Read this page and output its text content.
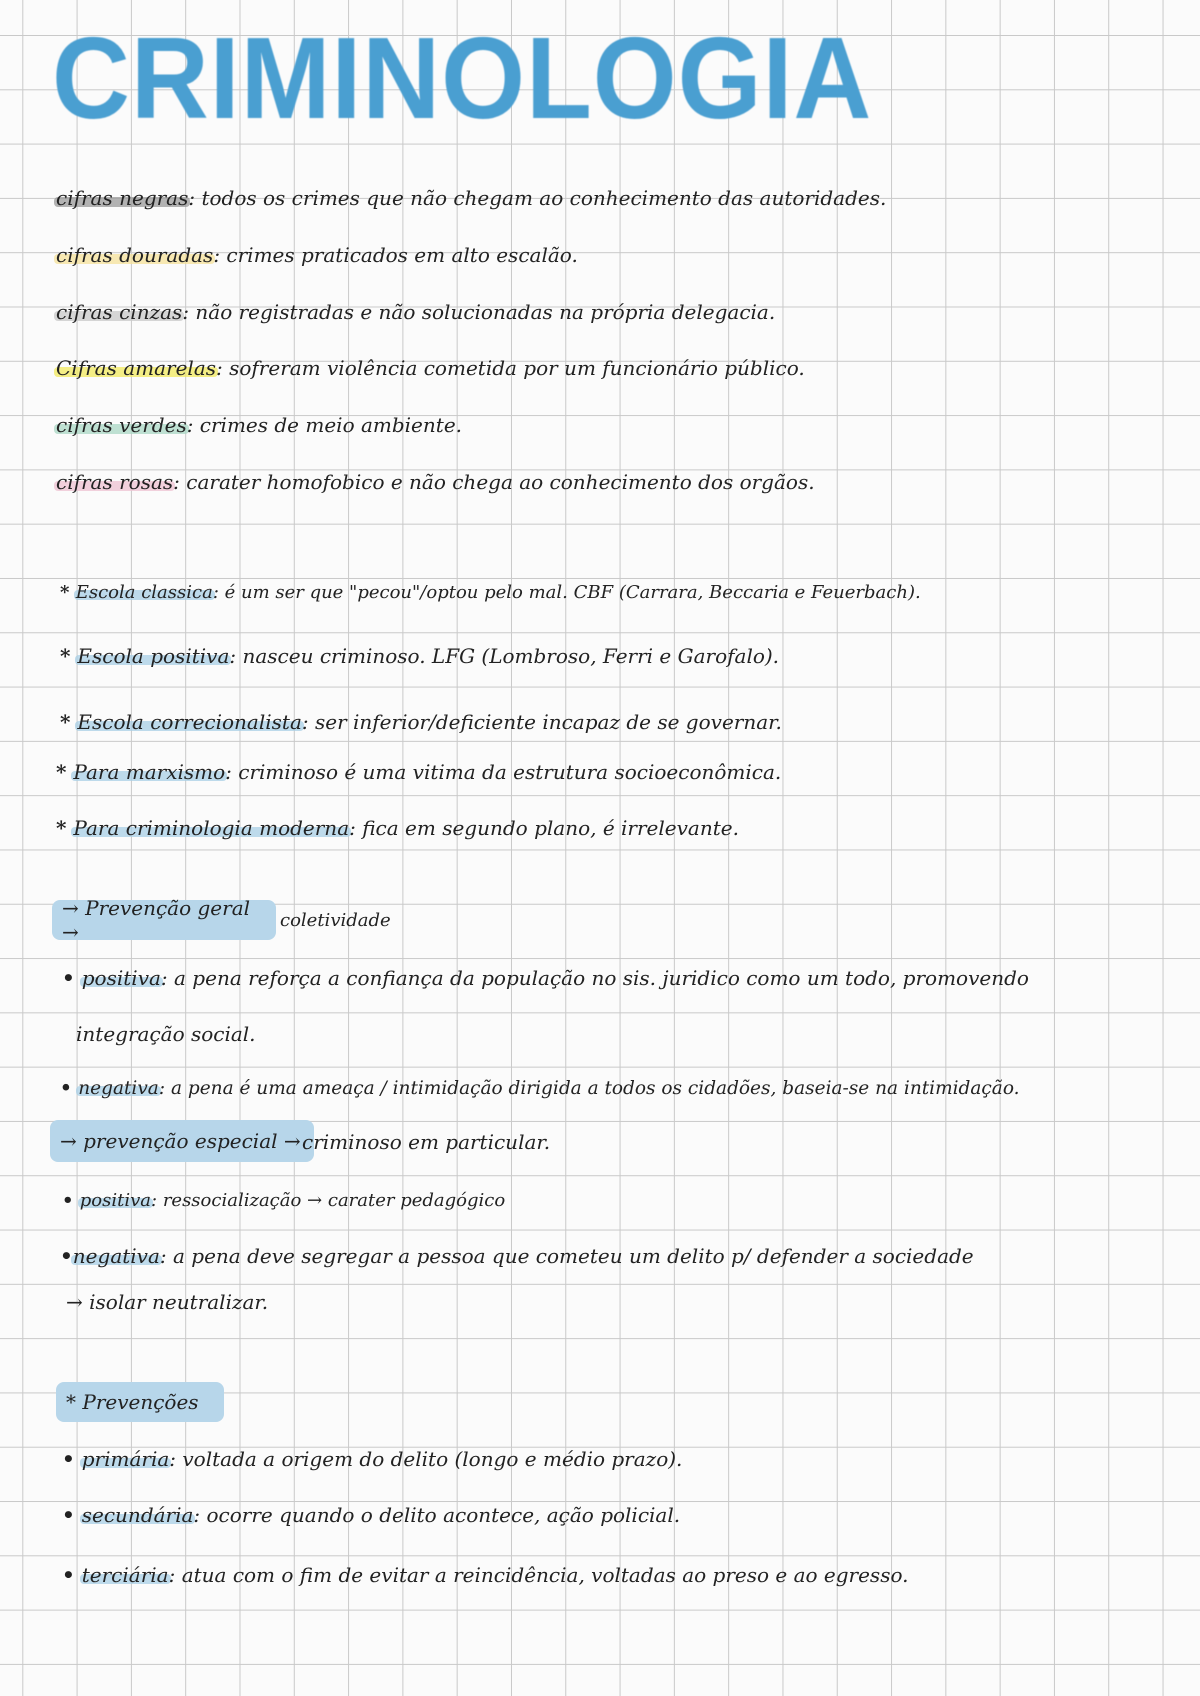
CRIMINOLOGIA
cifras negras: todos os crimes que não chegam ao conhecimento das autoridades.
cifras douradas: crimes praticados em alto escalão.
cifras cinzas: não registradas e não solucionadas na própria delegacia.
Cifras amarelas: sofreram violência cometida por um funcionário público.
cifras verdes: crimes de meio ambiente.
cifras rosas: carater homofobico e não chega ao conhecimento dos orgãos.
*
Escola classica: é um ser que "pecou"/optou pelo mal. CBF (Carrara, Beccaria e Feuerbach).
*
Escola positiva: nasceu criminoso. LFG (Lombroso, Ferri e Garofalo).
*
Escola correcionalista: ser inferior/deficiente incapaz de se governar.
*
Para marxismo: criminoso é uma vitima da estrutura socioeconômica.
*
Para criminologia moderna: fica em segundo plano, é irrelevante.
→ Prevenção geral →	coletividade
•
positiva: a pena reforça a confiança da população no sis. juridico como um todo, promovendo
integração social.
•
negativa: a pena é uma ameaça / intimidação dirigida a todos os cidadões, baseia-se na intimidação.
→ prevenção especial → criminoso em particular.
•
positiva: ressocialização → carater pedagógico
•
negativa: a pena deve segregar a pessoa que cometeu um delito p/ defender a sociedade
→ isolar neutralizar.
* Prevenções
•
primária: voltada a origem do delito (longo e médio prazo).
•
secundária: ocorre quando o delito acontece, ação policial.
•
terciária: atua com o fim de evitar a reincidência, voltadas ao preso e ao egresso.
